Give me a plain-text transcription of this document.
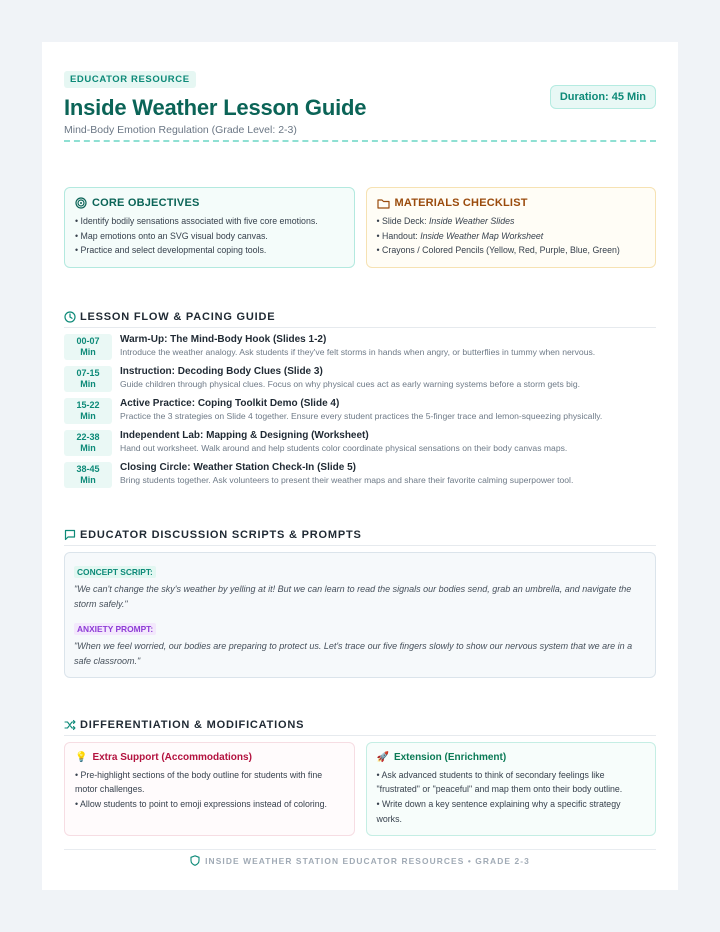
EDUCATOR RESOURCE
Inside Weather Lesson Guide
Mind-Body Emotion Regulation (Grade Level: 2-3)
Duration: 45 Min
CORE OBJECTIVES
• Identify bodily sensations associated with five core emotions.
• Map emotions onto an SVG visual body canvas.
• Practice and select developmental coping tools.
MATERIALS CHECKLIST
• Slide Deck: Inside Weather Slides
• Handout: Inside Weather Map Worksheet
• Crayons / Colored Pencils (Yellow, Red, Purple, Blue, Green)
LESSON FLOW & PACING GUIDE
00-07
Min
Warm-Up: The Mind-Body Hook (Slides 1-2)
Introduce the weather analogy. Ask students if they've felt storms in hands when angry, or butterflies in tummy when nervous.
07-15
Min
Instruction: Decoding Body Clues (Slide 3)
Guide children through physical clues. Focus on why physical cues act as early warning systems before a storm gets big.
15-22
Min
Active Practice: Coping Toolkit Demo (Slide 4)
Practice the 3 strategies on Slide 4 together. Ensure every student practices the 5-finger trace and lemon-squeezing physically.
22-38
Min
Independent Lab: Mapping & Designing (Worksheet)
Hand out worksheet. Walk around and help students color coordinate physical sensations on their body canvas maps.
38-45
Min
Closing Circle: Weather Station Check-In (Slide 5)
Bring students together. Ask volunteers to present their weather maps and share their favorite calming superpower tool.
EDUCATOR DISCUSSION SCRIPTS & PROMPTS
CONCEPT SCRIPT:
"We can't change the sky's weather by yelling at it! But we can learn to read the signals our bodies send, grab an umbrella, and navigate the storm safely."
ANXIETY PROMPT:
"When we feel worried, our bodies are preparing to protect us. Let's trace our five fingers slowly to show our nervous system that we are in a safe classroom."
DIFFERENTIATION & MODIFICATIONS
💡 Extra Support (Accommodations)
• Pre-highlight sections of the body outline for students with fine motor challenges.
• Allow students to point to emoji expressions instead of coloring.
🚀 Extension (Enrichment)
• Ask advanced students to think of secondary feelings like "frustrated" or "peaceful" and map them onto their body outline.
• Write down a key sentence explaining why a specific strategy works.
INSIDE WEATHER STATION EDUCATOR RESOURCES • GRADE 2-3
